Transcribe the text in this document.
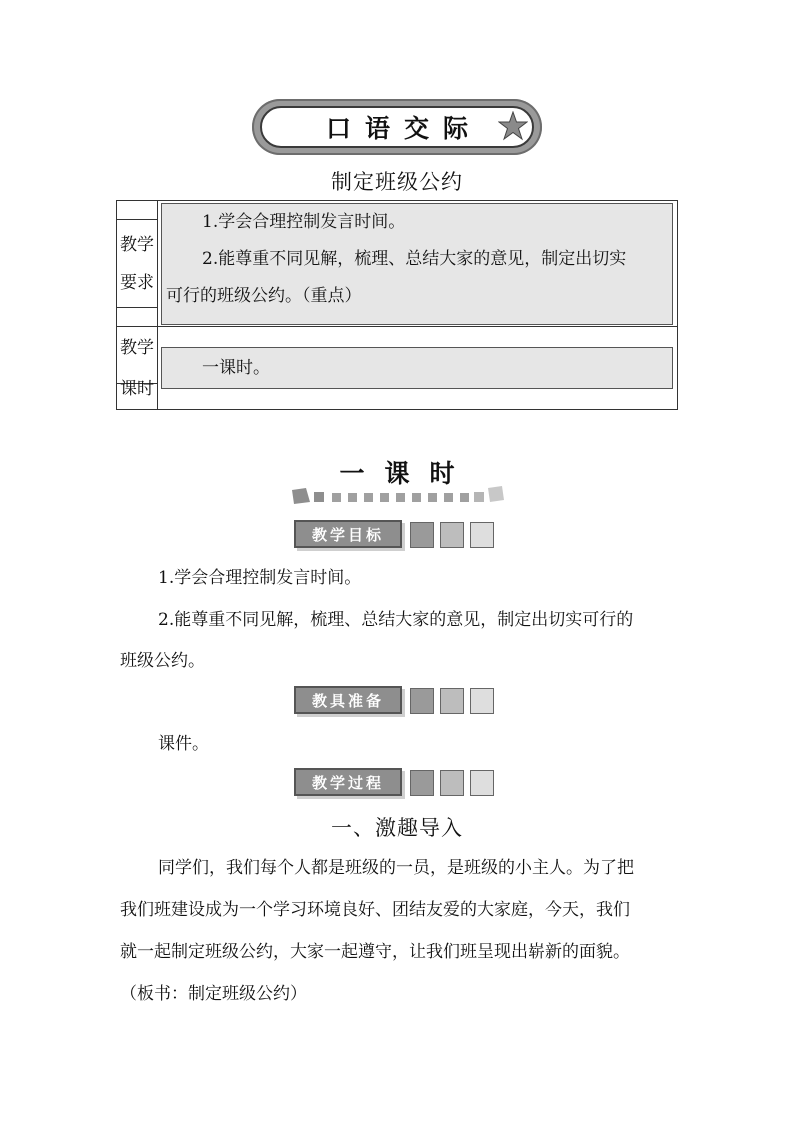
口语交际
制定班级公约
教学
要求

1.学会合理控制发言时间。

2.能尊重不同见解，梳理、总结大家的意见，制定出切实

可行的班级公约。（重点）

教学
课时

一课时。

一课时
教学目标
1.学会合理控制发言时间。
2.能尊重不同见解，梳理、总结大家的意见，制定出切实可行的
班级公约。
教具准备
课件。
教学过程
一、激趣导入
同学们，我们每个人都是班级的一员，是班级的小主人。为了把
我们班建设成为一个学习环境良好、团结友爱的大家庭，今天，我们
就一起制定班级公约，大家一起遵守，让我们班呈现出崭新的面貌。
（板书：制定班级公约）
